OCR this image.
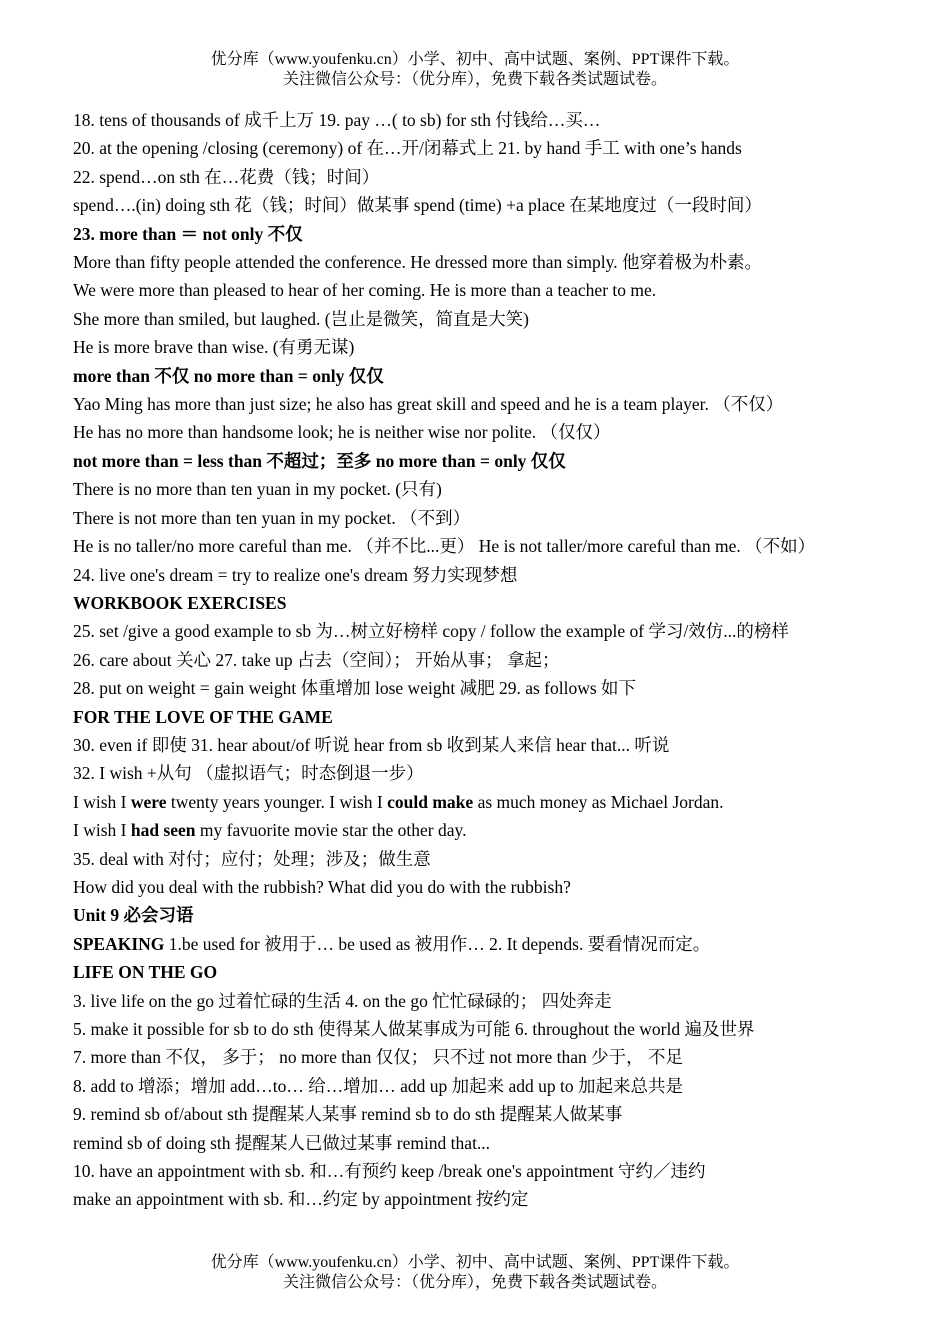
优分库（www.youfenku.cn）小学、初中、高中试题、案例、PPT课件下载。
关注微信公众号：（优分库），免费下载各类试题试卷。
18. tens of thousands of 成千上万 19. pay …( to sb) for sth 付钱给…买…
20. at the opening /closing (ceremony) of 在…开/闭幕式上 21. by hand 手工 with one’s hands
22. spend…on sth 在…花费（钱；时间）
spend….(in) doing sth 花（钱；时间）做某事 spend (time) +a place 在某地度过（一段时间）
23. more than ＝ not only 不仅
More than fifty people attended the conference. He dressed more than simply. 他穿着极为朴素。
We were more than pleased to hear of her coming. He is more than a teacher to me.
She more than smiled, but laughed. (岂止是微笑，简直是大笑)
He is more brave than wise. (有勇无谋)
more than 不仅 no more than = only 仅仅
Yao Ming has more than just size; he also has great skill and speed and he is a team player. （不仅）
He has no more than handsome look; he is neither wise nor polite. （仅仅）
not more than = less than 不超过；至多 no more than = only 仅仅
There is no more than ten yuan in my pocket. (只有)
There is not more than ten yuan in my pocket. （不到）
He is no taller/no more careful than me. （并不比...更） He is not taller/more careful than me. （不如）
24. live one's dream = try to realize one's dream 努力实现梦想
WORKBOOK EXERCISES
25. set /give a good example to sb 为…树立好榜样 copy / follow the example of 学习/效仿...的榜样
26. care about 关心 27. take up 占去（空间）； 开始从事； 拿起；
28. put on weight = gain weight 体重增加 lose weight 减肥 29. as follows 如下
FOR THE LOVE OF THE GAME
30. even if 即使 31. hear about/of 听说 hear from sb 收到某人来信 hear that... 听说
32. I wish +从句 （虚拟语气；时态倒退一步）
I wish I were twenty years younger. I wish I could make as much money as Michael Jordan.
I wish I had seen my favuorite movie star the other day.
35. deal with 对付；应付；处理；涉及；做生意
How did you deal with the rubbish? What did you do with the rubbish?
Unit 9 必会习语
SPEAKING 1.be used for 被用于… be used as 被用作… 2. It depends. 要看情况而定。
LIFE ON THE GO
3. live life on the go 过着忙碌的生活 4. on the go 忙忙碌碌的； 四处奔走
5. make it possible for sb to do sth 使得某人做某事成为可能 6. throughout the world 遍及世界
7. more than 不仅， 多于； no more than 仅仅； 只不过 not more than 少于， 不足
8. add to 增添；增加 add…to… 给…增加… add up 加起来 add up to 加起来总共是
9. remind sb of/about sth 提醒某人某事 remind sb to do sth 提醒某人做某事
remind sb of doing sth 提醒某人已做过某事 remind that...
10. have an appointment with sb. 和…有预约 keep /break one's appointment 守约／违约
make an appointment with sb. 和…约定 by appointment 按约定
优分库（www.youfenku.cn）小学、初中、高中试题、案例、PPT课件下载。
关注微信公众号：（优分库），免费下载各类试题试卷。
